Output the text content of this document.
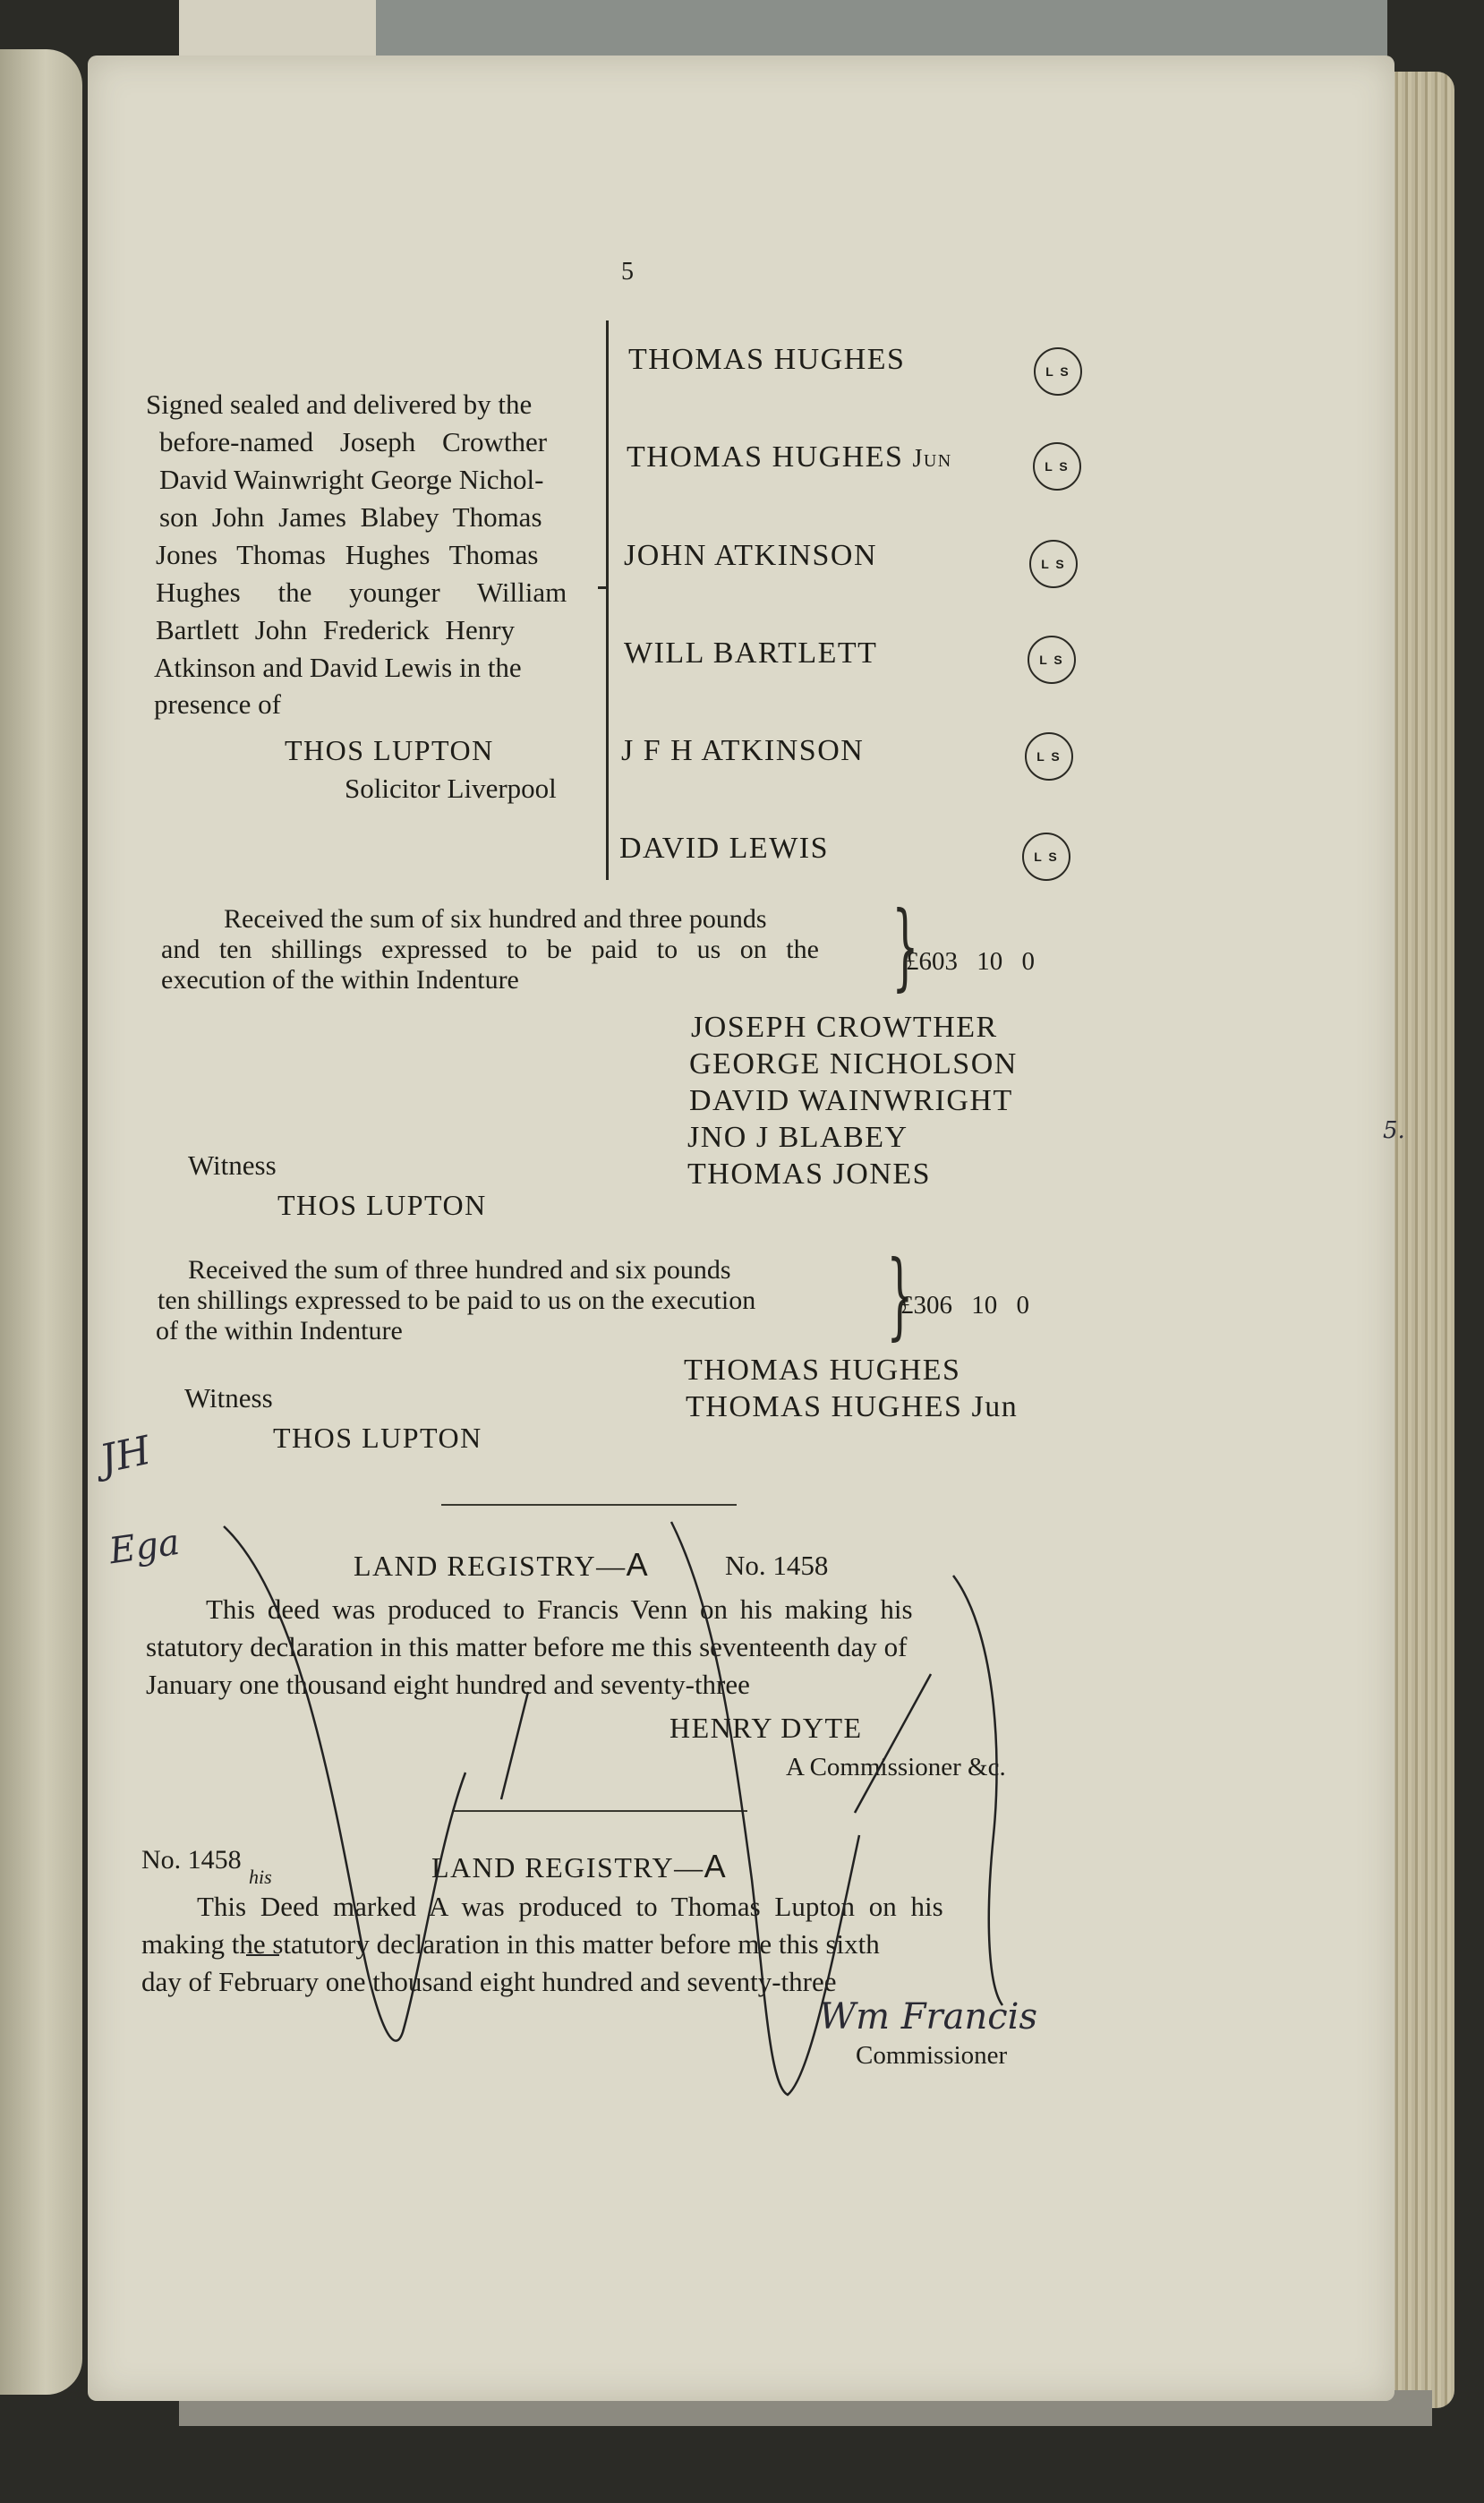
5
THOMAS HUGHES	L S
THOMAS HUGHES Jun	L S
JOHN ATKINSON	L S
WILL BARTLETT	L S
J F H ATKINSON	L S
DAVID LEWIS	L S
Signed sealed and delivered by the
before-named Joseph Crowther
David Wainwright George Nichol-
son John James Blabey Thomas
Jones Thomas Hughes Thomas
Hughes the younger William
Bartlett John Frederick Henry
Atkinson and David Lewis in the
presence of
THOS LUPTON
Solicitor Liverpool
Received the sum of six hundred and three pounds
and ten shillings expressed to be paid to us on the
execution of the within Indenture	}
£603 10 0
JOSEPH CROWTHER
GEORGE NICHOLSON
DAVID WAINWRIGHT
JNO J BLABEY
THOMAS JONES
Witness
THOS LUPTON
Received the sum of three hundred and six pounds
ten shillings expressed to be paid to us on the execution
of the within Indenture	}
£306 10 0
THOMAS HUGHES
THOMAS HUGHES Jun
Witness
THOS LUPTON
LAND REGISTRY—A	No. 1458
This deed was produced to Francis Venn on his making his
statutory declaration in this matter before me this seventeenth day of
January one thousand eight hundred and seventy-three
HENRY DYTE
A Commissioner &c.
No. 1458	LAND REGISTRY—A
This Deed marked A was produced to Thomas Lupton on his
his
making the statutory declaration in this matter before me this sixth
day of February one thousand eight hundred and seventy-three
Wm Francis
Commissioner
JH
Ega
5.
